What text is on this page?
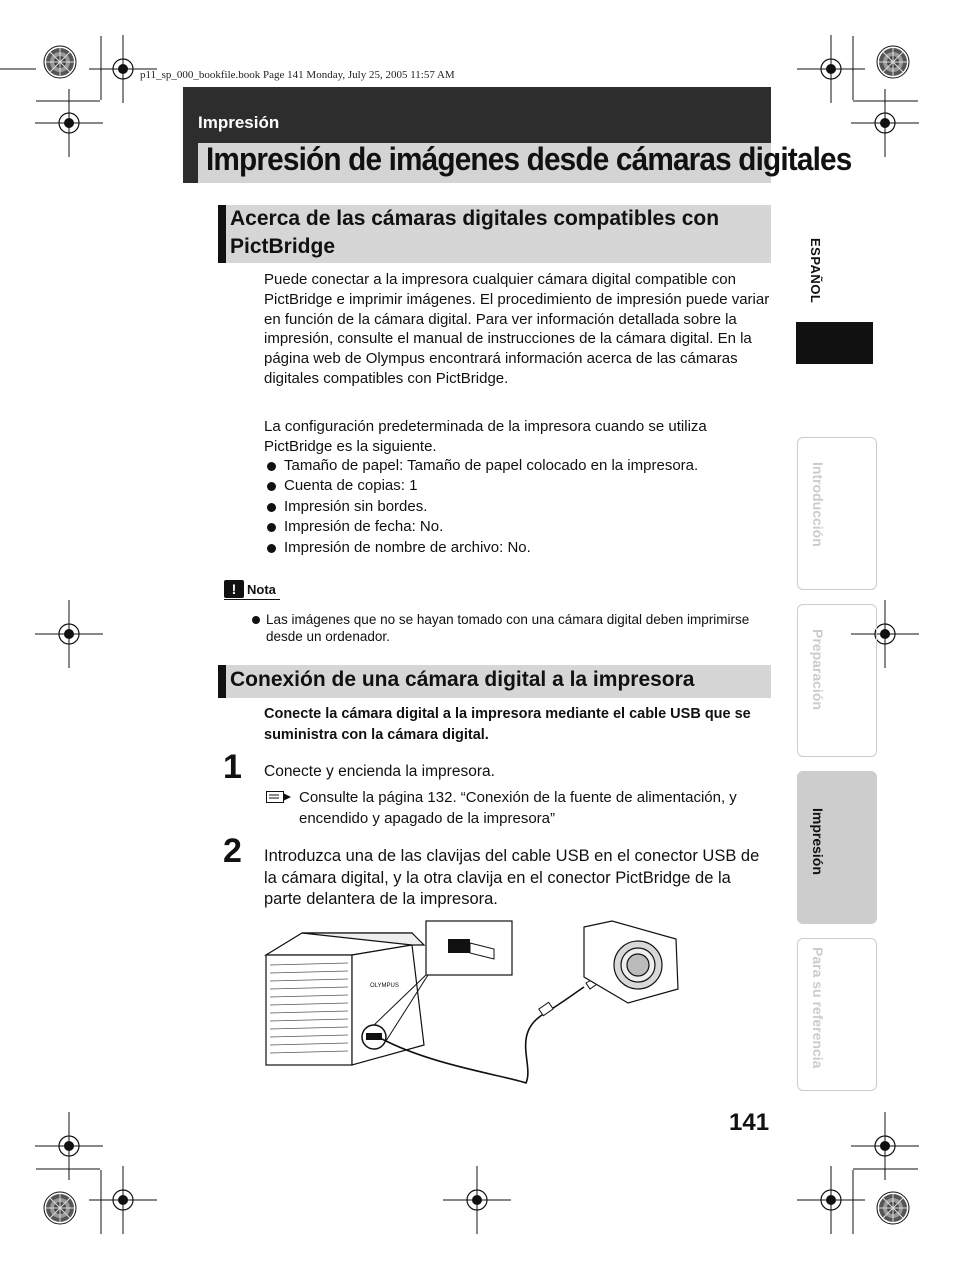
p11_sp_000_bookfile.book Page 141 Monday, July 25, 2005 11:57 AM
Impresión
Impresión de imágenes desde cámaras digitales
Acerca de las cámaras digitales compatibles con
PictBridge
Puede conectar a la impresora cualquier cámara digital compatible con PictBridge e imprimir imágenes. El procedimiento de impresión puede variar en función de la cámara digital. Para ver información detallada sobre la impresión, consulte el manual de instrucciones de la cámara digital. En la página web de Olympus encontrará información acerca de las cámaras digitales compatibles con PictBridge.
La configuración predeterminada de la impresora cuando se utiliza PictBridge es la siguiente.
Tamaño de papel: Tamaño de papel colocado en la impresora.
Cuenta de copias: 1
Impresión sin bordes.
Impresión de fecha: No.
Impresión de nombre de archivo: No.
! Nota
Las imágenes que no se hayan tomado con una cámara digital deben imprimirse desde un ordenador.
Conexión de una cámara digital a la impresora
Conecte la cámara digital a la impresora mediante el cable USB que se suministra con la cámara digital.
1 Conecte y encienda la impresora.
Consulte la página 132. “Conexión de la fuente de alimentación, y encendido y apagado de la impresora”
2 Introduzca una de las clavijas del cable USB en el conector USB de la cámara digital, y la otra clavija en el conector PictBridge de la parte delantera de la impresora.
OLYMPUS
ESPAÑOL
Introducción
Preparación
Impresión
Para su referencia
141
